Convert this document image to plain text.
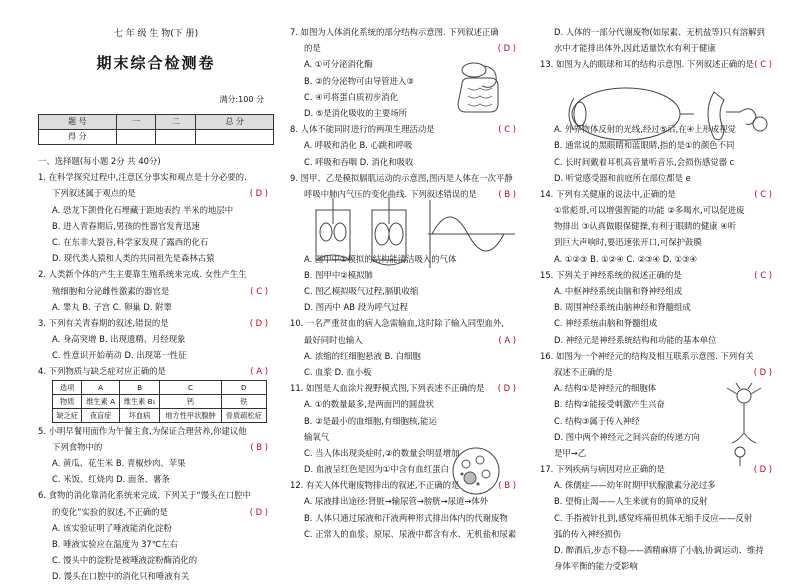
七 年 级 生 物(下 册)
期末综合检测卷
满分:100 分
题 号	一	二	总 分
得 分			
一、选择题(每小题 2分 共 40分)
1. 在科学探究过程中,注意区分事实和观点是十分必要的.
下列叙述属于观点的是	( D )
A. 恐龙下颌骨化石埋藏于距地表约 半米的地层中
B. 进入青春期后,男孩的性器官发育迅速
C. 在东非大裂谷,科学家发现了露西的化石
D. 现代类人猿和人类的共同祖先是森林古猿
2. 人类新个体的产生主要靠生殖系统来完成. 女性产生生
殖细胞和分泌雌性激素的器官是	( C )
A. 睾丸 B. 子宫 C. 卵巢 D. 附睾
3. 下列有关青春期的叙述,错误的是	( D )
A. 身高突增 B. 出现遗精、月经现象
C. 性意识开始萌动 D. 出现第一性征
4. 下列物质与缺乏症对应正确的是	( A )
选项	A	B	C	D
物质	维生素 A	维生素 B₁	钙	铁
缺乏症	夜盲症	坏血病	地方性甲状腺肿	骨质疏松症
5. 小明早餐用面作为午餐主食,为保证合理营养,你建议他
下列食物中的	( B )
A. 黄瓜、花生米 B. 青椒炒肉、苹果
C. 米饭、红烧肉 D. 面条、薯条
6. 食物的消化靠消化系统来完成. 下列关于“馒头在口腔中
的变化”实验的叙述,不正确的是	( D )
A. 该实验证明了唾液能消化淀粉
B. 唾液实验应在温度为 37℃左右
C. 馒头中的淀粉是被唾液淀粉酶消化的
D. 馒头在口腔中的消化只和唾液有关
7. 如图为人体消化系统的部分结构示意图. 下列叙述正确
的是	( D )
A. ①可分泌消化酶
B. ②的分泌物可由导管进入③
C. ④可将蛋白质初步消化
D. ⑤是消化吸收的主要场所
8. 人体不能同时进行的两项生理活动是	( C )
A. 呼吸和消化 B. 心跳和呼吸
C. 呼吸和吞咽 D. 消化和吸收
9. 图甲、乙是模拟膈肌运动的示意图,图丙是人体在一次平静
呼吸中肺内气压的变化曲线. 下列叙述错误的是	( B )
A. 图甲中①模拟的结构能清洁吸入的气体
B. 图甲中②模拟肺
C. 图乙模拟吸气过程,膈肌收缩
D. 图丙中 AB 段为呼气过程
10. 一名严重贫血的病人急需输血,这时除了输入同型血外,
最好同时也输入	( A )
A. 浓缩的红细胞悬液 B. 白细胞
C. 血浆 D. 血小板
11. 如图是人血涂片视野模式图,下列表述不正确的是 ( D )
A. ①的数量最多,是两面凹的圆盘状
B. ②是最小的血细胞,有细胞核,能运
输氧气
C. 当人体出现炎症时,②的数量会明显增加
D. 血液呈红色是因为①中含有血红蛋白
12. 有关人体代谢废物排出的叙述,不正确的是	( B )
A. 尿液排出途径:肾脏→输尿管→膀胱→尿道→体外
B. 人体只通过尿液和汗液两种形式排出体内的代谢废物
C. 正常人的血浆、原尿、尿液中都含有水、无机盐和尿素
D. 人体的一部分代谢废物(如尿素、无机盐等)只有溶解到
水中才能排出体外,因此适量饮水有利于健康
13. 如图为人的眼球和耳的结构示意图. 下列叙述正确的是 ( C )
A. 外界物体反射的光线,经过⑤后,在④上形成视觉
B. 通常说的黑眼睛和蓝眼睛,指的是①的颜色不同
C. 长时间戴着耳机高音量听音乐,会损伤感觉器 c
D. 听觉感受器和前庭所在部位都是 e
14. 下列有关健康的说法中,正确的是	( C )
①常彪哥,可以增强智能的功能 ②多喝水,可以促进废
物排出 ③认真做眼保健操,有利于眼睛的健康 ④听
到巨大声响时,要迅速张开口,可保护鼓膜
A. ①②③ B. ①②④ C. ②③④ D. ①③④
15. 下列关于神经系统的叙述正确的是	( C )
A. 中枢神经系统由脑和脊神经组成
B. 周围神经系统由脑神经和脊髓组成
C. 神经系统由脑和脊髓组成
D. 神经元是神经系统结构和功能的基本单位
16. 如图为一个神经元的结构及相互联系示意图. 下列有关
叙述不正确的是	( D )
A. 结构①是神经元的细胞体
B. 结构②能接受刺激产生兴奋
C. 结构③属于传入神经
D. 图中两个神经元之间兴奋的传递方向
是甲→乙
17. 下列疾病与病因对应正确的是	( D )
A. 侏儒症——幼年时期甲状腺激素分泌过多
B. 望梅止渴——人生来就有的简单的反射
C. 手指被针扎到,感觉疼痛但机体无缩手反应——反射
弧的传入神经损伤
D. 醉酒后,步态不稳——酒精麻痹了小脑,协调运动、维持
身体平衡的能力受影响
